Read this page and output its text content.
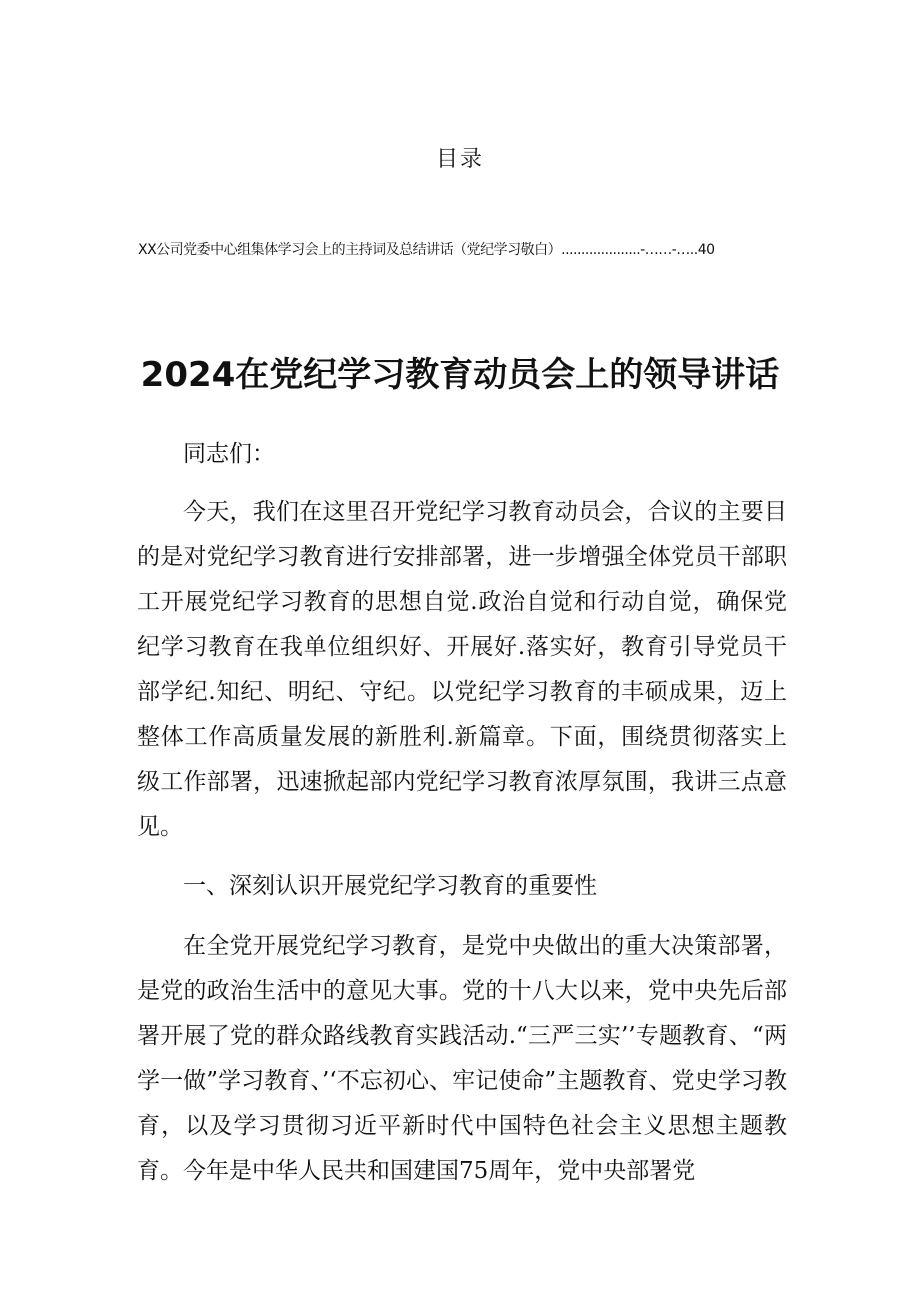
目录
XX公司党委中心组集体学习会上的主持词及总结讲话（党纪学习敬白）....................-……-…..40
2024在党纪学习教育动员会上的领导讲话

同志们：

今天，我们在这里召开党纪学习教育动员会，合议的主要目的是对党纪学习教育进行安排部署，进一步增强全体党员干部职工开展党纪学习教育的思想自觉.政治自觉和行动自觉，确保党纪学习教育在我单位组织好、开展好.落实好，教育引导党员干部学纪.知纪、明纪、守纪。以党纪学习教育的丰硕成果，迈上整体工作高质量发展的新胜利.新篇章。下面，围绕贯彻落实上级工作部署，迅速掀起部内党纪学习教育浓厚氛围，我讲三点意见。

一、深刻认识开展党纪学习教育的重要性

在全党开展党纪学习教育，是党中央做出的重大决策部署，是党的政治生活中的意见大事。党的十八大以来，党中央先后部署开展了党的群众路线教育实践活动.“三严三实’’专题教育、“两学一做”学习教育、’‘不忘初心、牢记使命”主题教育、党史学习教育，以及学习贯彻习近平新时代中国特色社会主义思想主题教育。今年是中华人民共和国建国75周年，党中央部署党
